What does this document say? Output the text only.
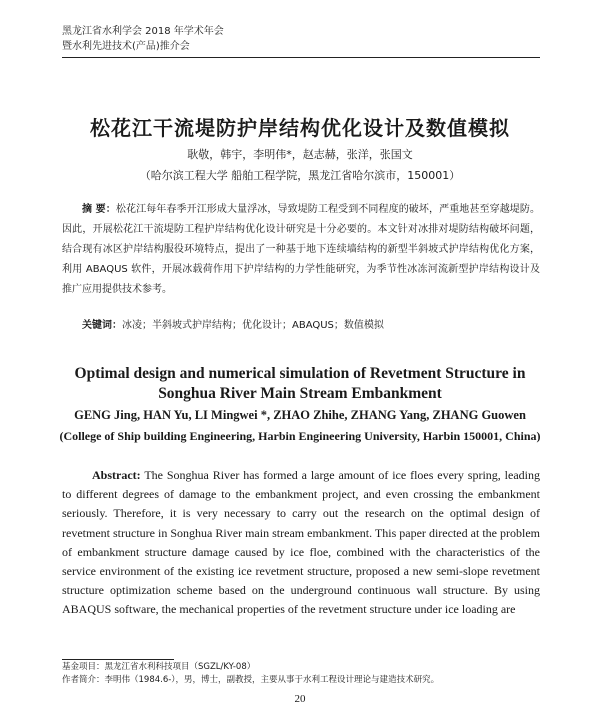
黑龙江省水利学会 2018 年学术年会
暨水利先进技术(产品)推介会
松花江干流堤防护岸结构优化设计及数值模拟
耿敬，韩宇，李明伟*，赵志赫，张洋，张国文
（哈尔滨工程大学 船舶工程学院，黑龙江省哈尔滨市，150001）
摘 要：松花江每年春季开江形成大量浮冰，导致堤防工程受到不同程度的破坏，严重地甚至穿越堤防。因此，开展松花江干流堤防工程护岸结构优化设计研究是十分必要的。本文针对冰排对堤防结构破坏问题，结合现有冰区护岸结构服役环境特点，提出了一种基于地下连续墙结构的新型半斜坡式护岸结构优化方案，利用 ABAQUS 软件，开展冰载荷作用下护岸结构的力学性能研究，为季节性冰冻河流新型护岸结构设计及推广应用提供技术参考。
关键词：冰凌；半斜坡式护岸结构；优化设计；ABAQUS；数值模拟
Optimal design and numerical simulation of Revetment Structure in
Songhua River Main Stream Embankment
GENG Jing, HAN Yu, LI Mingwei *, ZHAO Zhihe, ZHANG Yang, ZHANG Guowen
(College of Ship building Engineering, Harbin Engineering University, Harbin 150001, China)
Abstract: The Songhua River has formed a large amount of ice floes every spring, leading to different degrees of damage to the embankment project, and even crossing the embankment seriously. Therefore, it is very necessary to carry out the research on the optimal design of revetment structure in Songhua River main stream embankment. This paper directed at the problem of embankment structure damage caused by ice floe, combined with the characteristics of the service environment of the existing ice revetment structure, proposed a new semi-slope revetment structure optimization scheme based on the underground continuous wall structure. By using ABAQUS software, the mechanical properties of the revetment structure under ice loading are
基金项目：黑龙江省水利科技项目（SGZL/KY-08）
作者简介：李明伟（1984.6-），男，博士，副教授，主要从事于水利工程设计理论与建造技术研究。
20
